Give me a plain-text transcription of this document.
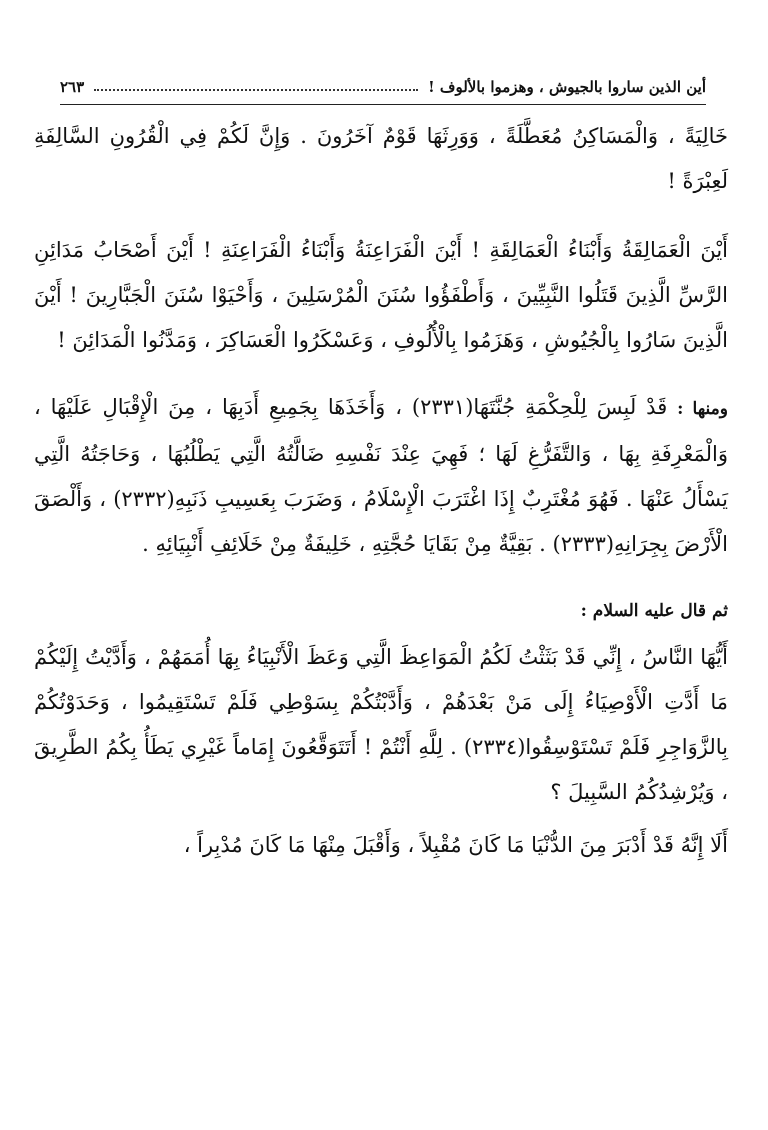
أين الذين ساروا بالجيوش ، وهزموا بالألوف !
٢٦٣

خَالِيَةً ، وَالْمَسَاكِنُ مُعَطَّلَةً ، وَوَرِثَهَا قَوْمٌ آخَرُونَ . وَإِنَّ لَكُمْ فِي الْقُرُونِ السَّالِفَةِ لَعِبْرَةً !

أَيْنَ الْعَمَالِقَةُ وَأَبْنَاءُ الْعَمَالِقَةِ ! أَيْنَ الْفَرَاعِنَةُ وَأَبْنَاءُ الْفَرَاعِنَةِ ! أَيْنَ أَصْحَابُ مَدَائِنِ الرَّسِّ الَّذِينَ قَتَلُوا النَّبِيِّينَ ، وَأَطْفَؤُوا سُنَنَ الْمُرْسَلِينَ ، وَأَحْيَوْا سُنَنَ الْجَبَّارِينَ ! أَيْنَ الَّذِينَ سَارُوا بِالْجُيُوشِ ، وَهَزَمُوا بِالْأُلُوفِ ، وَعَسْكَرُوا الْعَسَاكِرَ ، وَمَدَّنُوا الْمَدَائِنَ !

ومنها : قَدْ لَبِسَ لِلْحِكْمَةِ جُنَّتَهَا(٢٣٣١) ، وَأَخَذَهَا بِجَمِيعِ أَدَبِهَا ، مِنَ الْإِقْبَالِ عَلَيْهَا ، وَالْمَعْرِفَةِ بِهَا ، وَالتَّفَرُّغِ لَهَا ؛ فَهِيَ عِنْدَ نَفْسِهِ ضَالَّتُهُ الَّتِي يَطْلُبُهَا ، وَحَاجَتُهُ الَّتِي يَسْأَلُ عَنْهَا . فَهُوَ مُغْتَرِبٌ إِذَا اغْتَرَبَ الْإِسْلَامُ ، وَضَرَبَ بِعَسِيبِ ذَنَبِهِ(٢٣٣٢) ، وَأَلْصَقَ الْأَرْضَ بِجِرَانِهِ(٢٣٣٣) . بَقِيَّةٌ مِنْ بَقَايَا حُجَّتِهِ ، خَلِيفَةٌ مِنْ خَلَائِفِ أَنْبِيَائِهِ .

ثم قال عليه السلام :

أَيُّهَا النَّاسُ ، إِنِّي قَدْ بَثَثْتُ لَكُمُ الْمَوَاعِظَ الَّتِي وَعَظَ الْأَنْبِيَاءُ بِهَا أُمَمَهُمْ ، وَأَدَّيْتُ إِلَيْكُمْ مَا أَدَّتِ الْأَوْصِيَاءُ إِلَى مَنْ بَعْدَهُمْ ، وَأَدَّبْتُكُمْ بِسَوْطِي فَلَمْ تَسْتَقِيمُوا ، وَحَدَوْتُكُمْ بِالزَّوَاجِرِ فَلَمْ تَسْتَوْسِقُوا(٢٣٣٤) . لِلَّهِ أَنْتُمْ ! أَتَتَوَقَّعُونَ إِمَاماً غَيْرِي يَطَأُ بِكُمُ الطَّرِيقَ ، وَيُرْشِدُكُمُ السَّبِيلَ ؟

أَلَا إِنَّهُ قَدْ أَدْبَرَ مِنَ الدُّنْيَا مَا كَانَ مُقْبِلاً ، وَأَقْبَلَ مِنْهَا مَا كَانَ مُدْبِراً ،
